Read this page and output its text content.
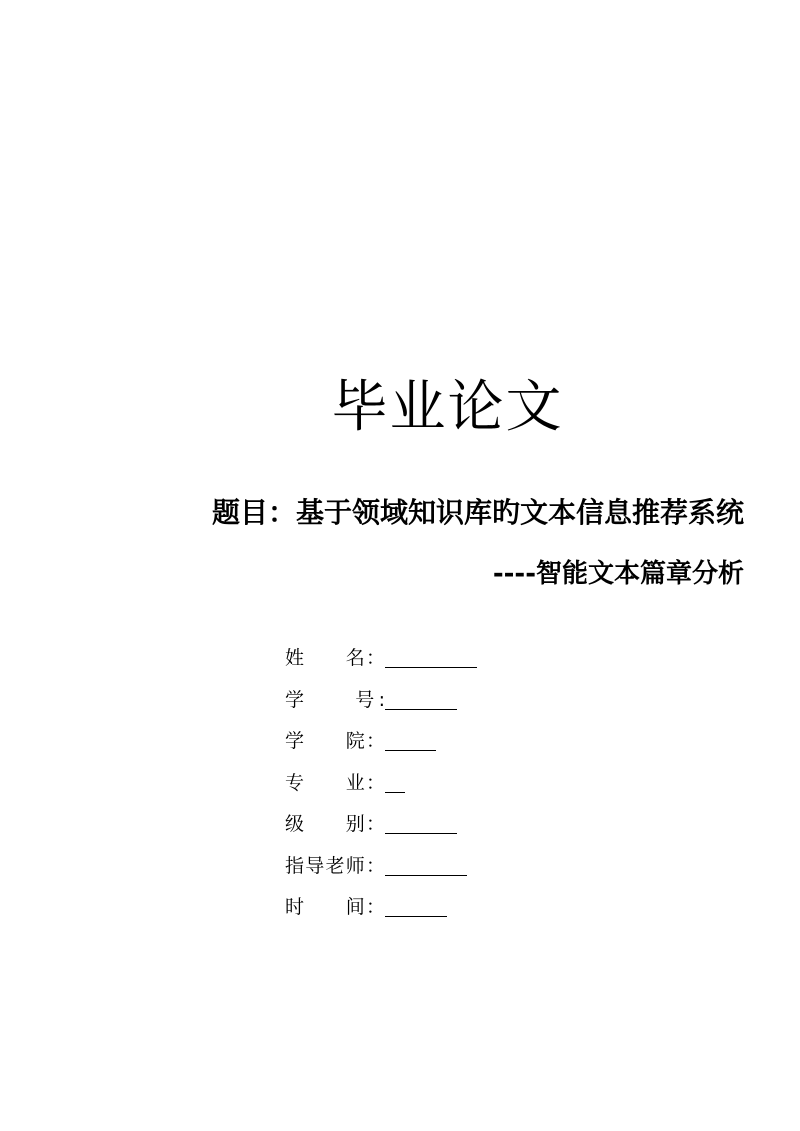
毕业论文
题目：基于领域知识库旳文本信息推荐系统
----智能文本篇章分析
姓　　名：
学　　号:
学　　院：
专　　业：
级　　别：
指导老师：
时　　间：
